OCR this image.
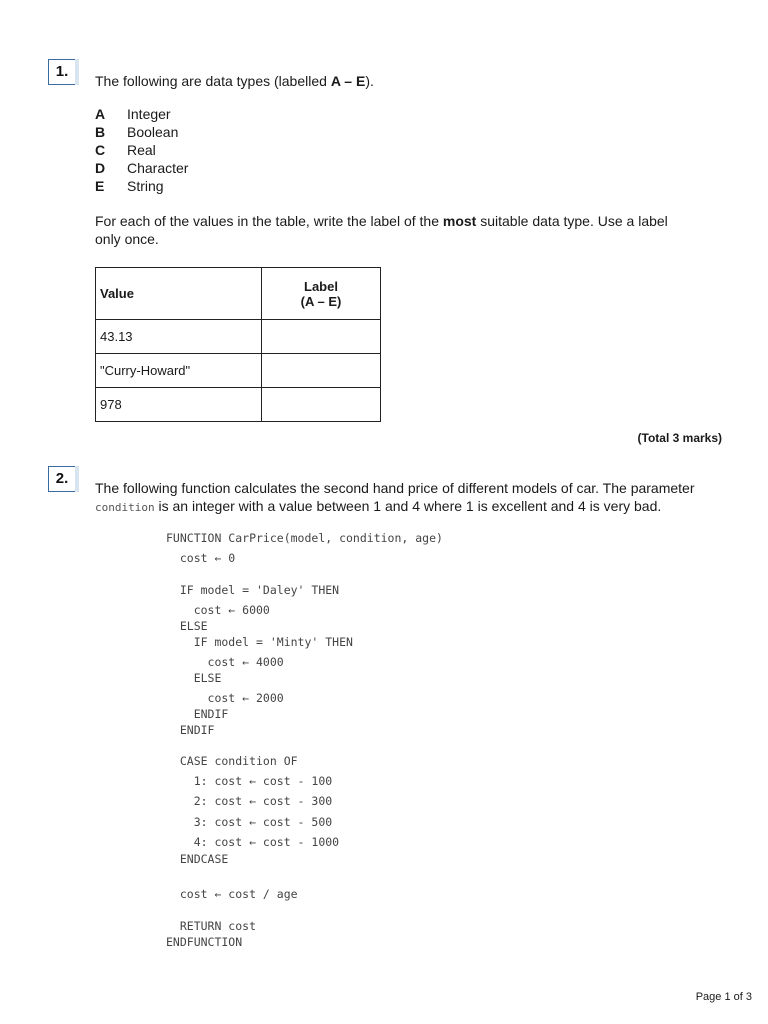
1.
The following are data types (labelled A – E).
A Integer
B Boolean
C Real
D Character
E String
For each of the values in the table, write the label of the most suitable data type. Use a label only once.
Value	Label
(A – E)

43.13	
"Curry-Howard"	
978	
(Total 3 marks)
2.
The following function calculates the second hand price of different models of car. The parameter
condition is an integer with a value between 1 and 4 where 1 is excellent and 4 is very bad.
FUNCTION CarPrice(model, condition, age)
cost ← 0
IF model = 'Daley' THEN
cost ← 6000
ELSE
IF model = 'Minty' THEN
cost ← 4000
ELSE
cost ← 2000
ENDIF
ENDIF
CASE condition OF
1: cost ← cost - 100
2: cost ← cost - 300
3: cost ← cost - 500
4: cost ← cost - 1000
ENDCASE
cost ← cost / age
RETURN cost
ENDFUNCTION
Page 1 of 3
